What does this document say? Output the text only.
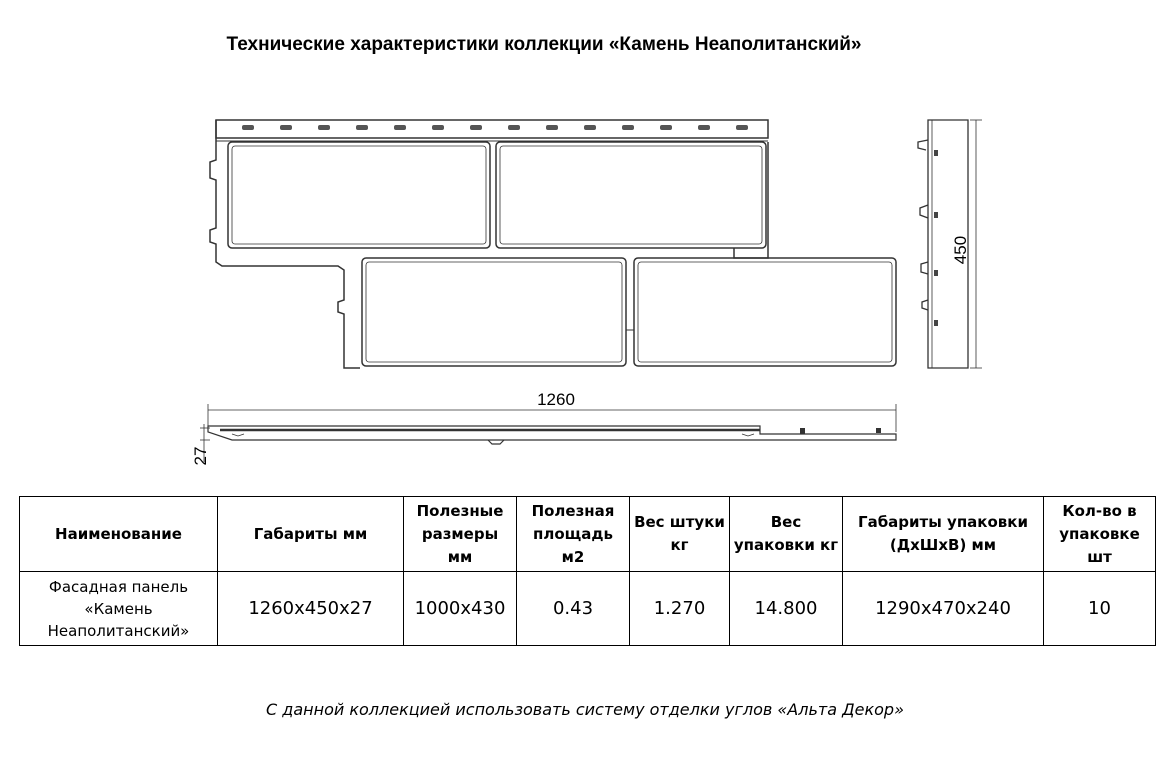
Технические характеристики коллекции «Камень Неаполитанский»
450
1260
27
Наименование	Габариты мм	Полезные размеры мм	Полезная площадь м2	Вес штуки кг	Вес упаковки кг	Габариты упаковки (ДхШхВ) мм	Кол-во в упаковке шт
Фасадная панель «Камень Неаполитанский»	1260х450х27	1000х430	0.43	1.270	14.800	1290х470х240	10
С данной коллекцией использовать систему отделки углов «Альта Декор»
